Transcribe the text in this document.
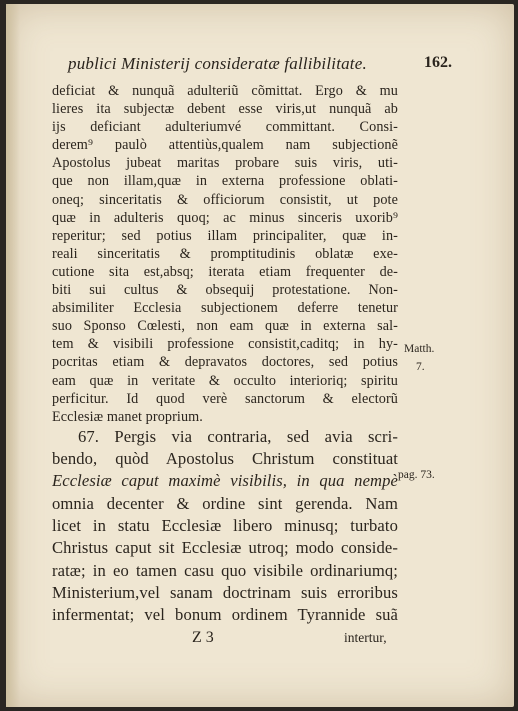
publici Ministerij consideratæ fallibilitate.	162.
deficiat & nunquã adulteriũ cõmittat. Ergo & mu
lieres ita subjectæ debent esse viris,ut nunquã ab
ijs deficiant adulteriumvé committant. Consi-
derem⁹ paulò attentiùs,qualem nam subjectionẽ
Apostolus jubeat maritas probare suis viris, uti-
que non illam,quæ in externa professione oblati-
oneq; sinceritatis & officiorum consistit, ut pote
quæ in adulteris quoq; ac minus sinceris uxorib⁹
reperitur; sed potius illam principaliter, quæ in-
reali sinceritatis & promptitudinis oblatæ exe-
cutione sita est,absq; iterata etiam frequenter de-
biti sui cultus & obsequij protestatione. Non-
absimiliter Ecclesia subjectionem deferre tenetur
suo Sponso Cœlesti, non eam quæ in externa sal-
tem & visibili professione consistit,caditq; in hy-
pocritas etiam & depravatos doctores, sed potius
eam quæ in veritate & occulto interioriq; spiritu
perficitur. Id quod verè sanctorum & electorũ
Ecclesiæ manet proprium.
67. Pergis via contraria, sed avia scri-
bendo, quòd Apostolus Christum constituat
Ecclesiæ caput maximè visibilis, in qua nempè
omnia decenter & ordine sint gerenda. Nam
licet in statu Ecclesiæ libero minusq; turbato
Christus caput sit Ecclesiæ utroq; modo conside-
ratæ; in eo tamen casu quo visibile ordinariumq;
Ministerium,vel sanam doctrinam suis erroribus
infermentat; vel bonum ordinem Tyrannide suã
Matth.
7.
pag. 73.
Z 3	intertur,
